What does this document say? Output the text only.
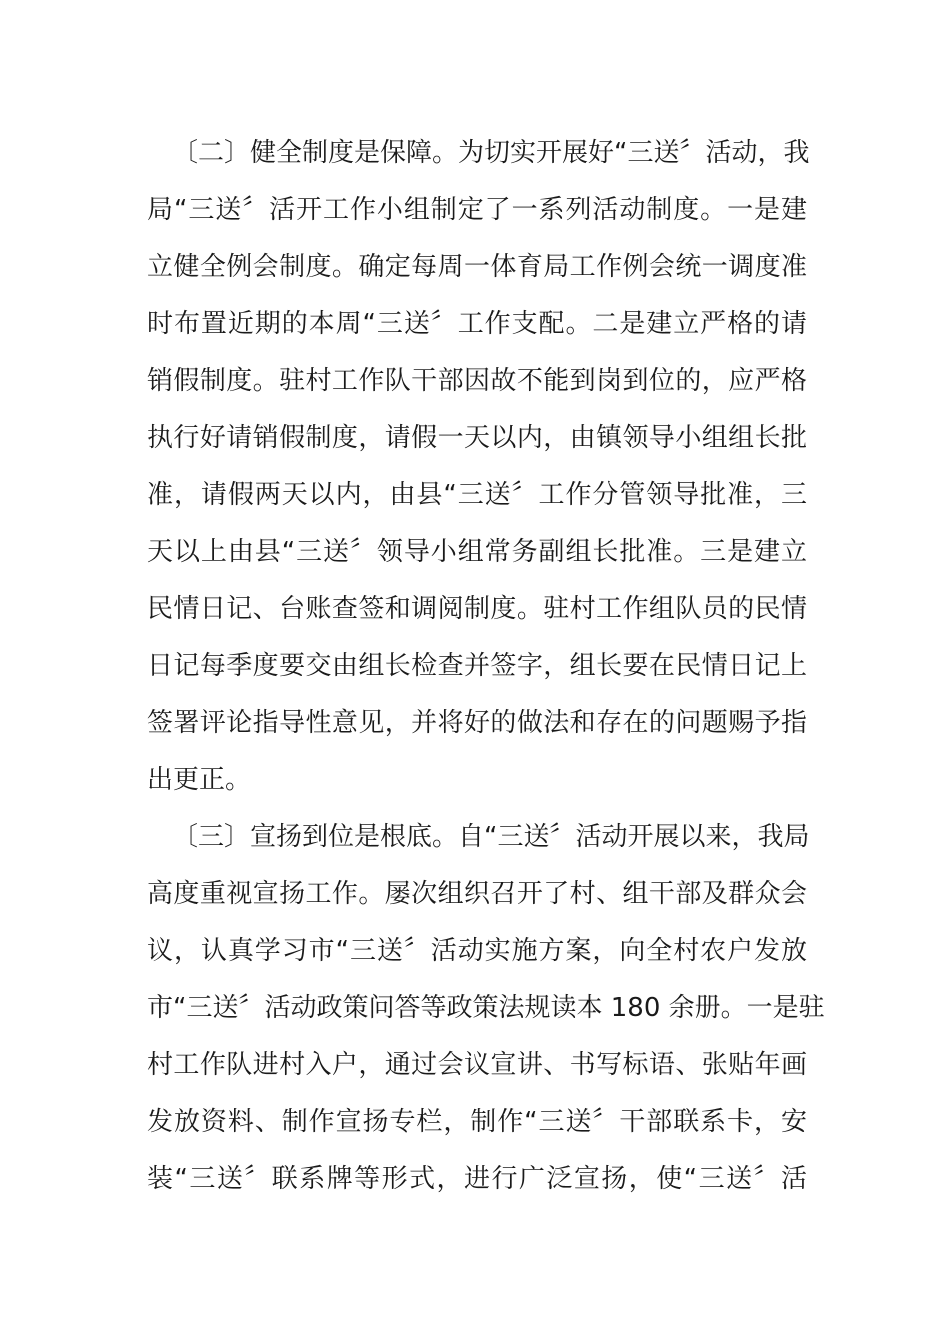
〔二〕健全制度是保障。为切实开展好“三送〞活动，我
局“三送〞活开工作小组制定了一系列活动制度。一是建
立健全例会制度。确定每周一体育局工作例会统一调度准
时布置近期的本周“三送〞工作支配。二是建立严格的请
销假制度。驻村工作队干部因故不能到岗到位的，应严格
执行好请销假制度，请假一天以内，由镇领导小组组长批
准，请假两天以内，由县“三送〞工作分管领导批准，三
天以上由县“三送〞领导小组常务副组长批准。三是建立
民情日记、台账查签和调阅制度。驻村工作组队员的民情
日记每季度要交由组长检查并签字，组长要在民情日记上
签署评论指导性意见，并将好的做法和存在的问题赐予指
出更正。
〔三〕宣扬到位是根底。自“三送〞活动开展以来，我局
高度重视宣扬工作。屡次组织召开了村、组干部及群众会
议，认真学习市“三送〞活动实施方案，向全村农户发放
市“三送〞活动政策问答等政策法规读本 180 余册。一是驻
村工作队进村入户，通过会议宣讲、书写标语、张贴年画
发放资料、制作宣扬专栏，制作“三送〞干部联系卡，安
装“三送〞联系牌等形式，进行广泛宣扬，使“三送〞活
